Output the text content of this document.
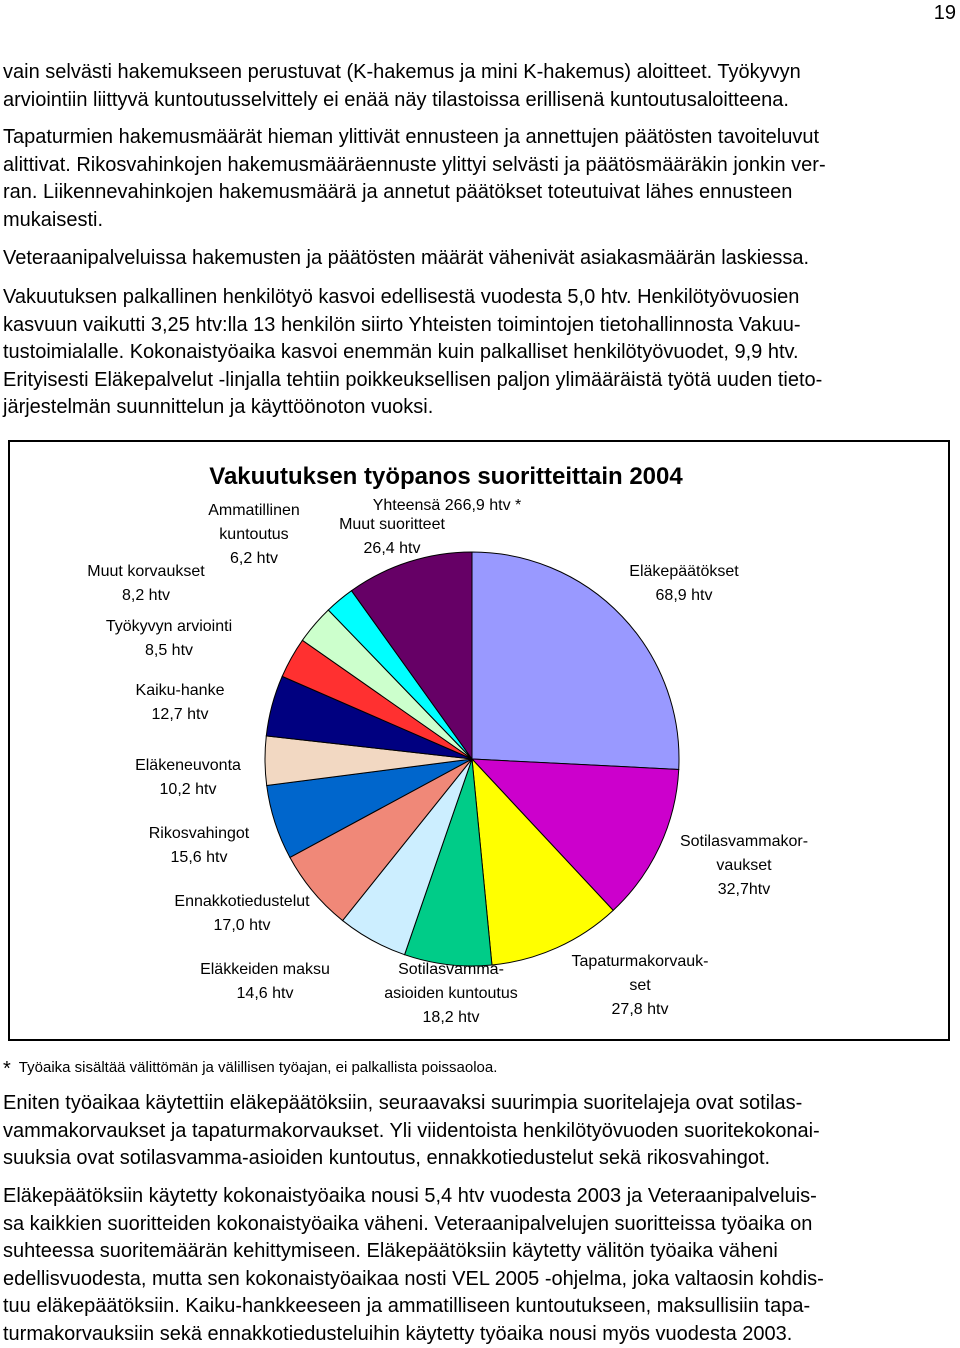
19
vain selvästi hakemukseen perustuvat (K-hakemus ja mini K-hakemus) aloitteet. Työkyvyn
arviointiin liittyvä kuntoutusselvittely ei enää näy tilastoissa erillisenä kuntoutusaloitteena.
Tapaturmien hakemusmäärät hieman ylittivät ennusteen ja annettujen päätösten tavoiteluvut
alittivat. Rikosvahinkojen hakemusmääräennuste ylittyi selvästi ja päätösmääräkin jonkin ver-
ran. Liikennevahinkojen hakemusmäärä ja annetut päätökset toteutuivat lähes ennusteen
mukaisesti.
Veteraanipalveluissa hakemusten ja päätösten määrät vähenivät asiakasmäärän laskiessa.
Vakuutuksen palkallinen henkilötyö kasvoi edellisestä vuodesta 5,0 htv. Henkilötyövuosien
kasvuun vaikutti 3,25 htv:lla 13 henkilön siirto Yhteisten toimintojen tietohallinnosta Vakuu-
tustoimialalle. Kokonaistyöaika kasvoi enemmän kuin palkalliset henkilötyövuodet, 9,9 htv.
Erityisesti Eläkepalvelut -linjalla tehtiin poikkeuksellisen paljon ylimääräistä työtä uuden tieto-
järjestelmän suunnittelun ja käyttöönoton vuoksi.
Vakuutuksen työpanos suoritteittain 2004
Yhteensä 266,9 htv *
Eläkepäätökset 68,9 htv
Sotilasvammakor-vaukset 32,7htv
Tapaturmakorvauk-set 27,8 htv
Sotilasvamma-asioiden kuntoutus 18,2 htv
Eläkkeiden maksu 14,6 htv
Ennakkotiedustelut 17,0 htv
Rikosvahingot 15,6 htv
Eläkeneuvonta 10,2 htv
Kaiku-hanke 12,7 htv
Työkyvyn arviointi 8,5 htv
Muut korvaukset 8,2 htv
Ammatillinen kuntoutus 6,2 htv
Muut suoritteet 26,4 htv
* Työaika sisältää välittömän ja välillisen työajan, ei palkallista poissaoloa.
Eniten työaikaa käytettiin eläkepäätöksiin, seuraavaksi suurimpia suoritelajeja ovat sotilas-
vammakorvaukset ja tapaturmakorvaukset. Yli viidentoista henkilötyövuoden suoritekokonai-
suuksia ovat sotilasvamma-asioiden kuntoutus, ennakkotiedustelut sekä rikosvahingot.
Eläkepäätöksiin käytetty kokonaistyöaika nousi 5,4 htv vuodesta 2003 ja Veteraanipalveluis-
sa kaikkien suoritteiden kokonaistyöaika väheni. Veteraanipalvelujen suoritteissa työaika on
suhteessa suoritemäärän kehittymiseen. Eläkepäätöksiin käytetty välitön työaika väheni
edellisvuodesta, mutta sen kokonaistyöaikaa nosti VEL 2005 -ohjelma, joka valtaosin kohdis-
tuu eläkepäätöksiin. Kaiku-hankkeeseen ja ammatilliseen kuntoutukseen, maksullisiin tapa-
turmakorvauksiin sekä ennakkotiedusteluihin käytetty työaika nousi myös vuodesta 2003.
